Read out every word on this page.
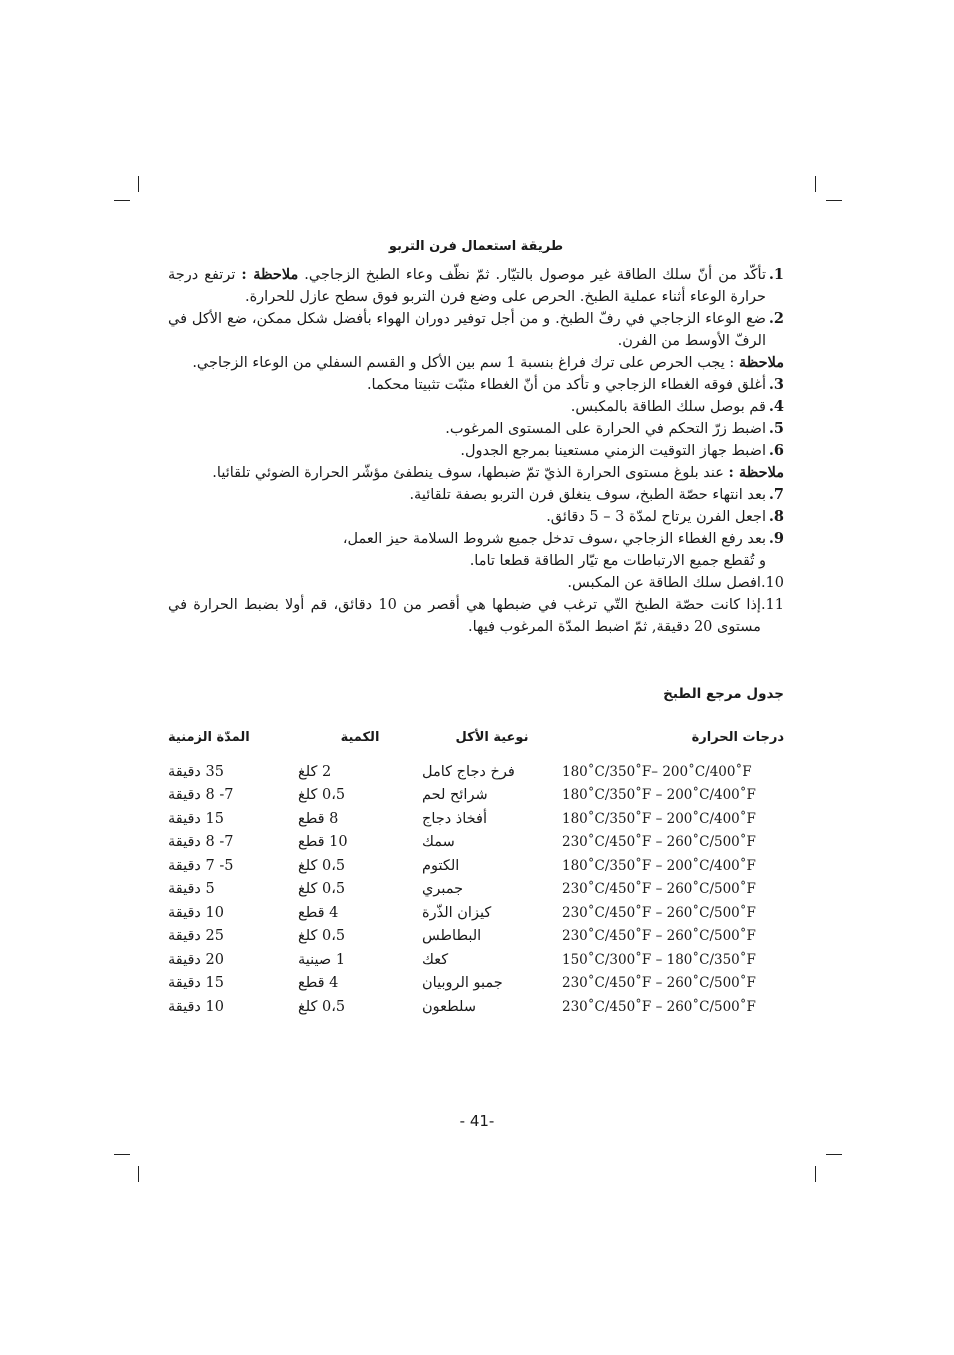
طريقة استعمال فرن التربو
1.
تأكّد من أنّ سلك الطاقة غير موصول بالتيّار. ثمّ نظّف وعاء الطبخ الزجاجي. ملاحظة : ترتفع درجة حرارة الوعاء أثناء عملية الطبخ. الحرص على وضع فرن التربو فوق سطح عازل للحرارة.
2.
ضع الوعاء الزجاجي في رفّ الطبخ. و من أجل توفير دوران الهواء بأفضل شكل ممكن، ضع الأكل في الرفّ الأوسط من الفرن.
ملاحظة : يجب الحرص على ترك فراغ بنسبة 1 سم بين الأكل و القسم السفلي من الوعاء الزجاجي.
3.
أغلق فوقه الغطاء الزجاجي و تأكد من أنّ الغطاء مثبّت تثبيتا محكما.
4.
قم بوصل سلك الطاقة بالمكبس.
5.
اضبط زرّ التحكم في الحرارة على المستوى المرغوب.
6.
اضبط جهاز التوقيت الزمني مستعينا بمرجع الجدول.
ملاحظة : عند بلوغ مستوى الحرارة الذيّ تمّ ضبطها، سوف ينطفئ مؤشّر الحرارة الضوئي تلقائيا.
7.
بعد انتهاء حصّة الطبخ، سوف ينغلق فرن التربو بصفة تلقائية.
8.
اجعل الفرن يرتاح لمدّة 3 – 5 دقائق.
9.
بعد رفع الغطاء الزجاجي ،سوف تدخل جميع شروط السلامة حيز العمل،
و تُقطع جميع الارتباطات مع تيّار الطاقة قطعا تاما.
10.
افصل سلك الطاقة عن المكبس.
11.
إذا كانت حصّة الطبخ التّي ترغب في ضبطها هي أقصر من 10 دقائق، قم أولا بضبط الحرارة في مستوى 20 دقيقة, ثمّ اضبط المدّة المرغوب فيها.
جدول مرجع الطبخ
درجات الحرارة	نوعية الأكل	الكمية	المدّة الزمنية
180˚C/350˚F– 200˚C/400˚F	فرخ دجاج كامل	2 كلغ	35 دقيقة
180˚C/350˚F – 200˚C/400˚F	شرائح لحم	0،5 كلغ	7- 8 دقيقة
180˚C/350˚F – 200˚C/400˚F	أفخاذ دجاج	8 قطع	15 دقيقة
230˚C/450˚F – 260˚C/500˚F	سمك	10 قطع	7- 8 دقيقة
180˚C/350˚F – 200˚C/400˚F	الكتوم	0،5 كلغ	5- 7 دقيقة
230˚C/450˚F – 260˚C/500˚F	جمبري	0،5 كلغ	5 دقيقة
230˚C/450˚F – 260˚C/500˚F	كيزان الذّرة	4 قطع	10 دقيقة
230˚C/450˚F – 260˚C/500˚F	البطاطس	0،5 كلغ	25 دقيقة
150˚C/300˚F – 180˚C/350˚F	كعك	1 صينية	20 دقيقة
230˚C/450˚F – 260˚C/500˚F	جمبو الروبيان	4 قطع	15 دقيقة
230˚C/450˚F – 260˚C/500˚F	سلطعون	0،5 كلغ	10 دقيقة
- 41-
